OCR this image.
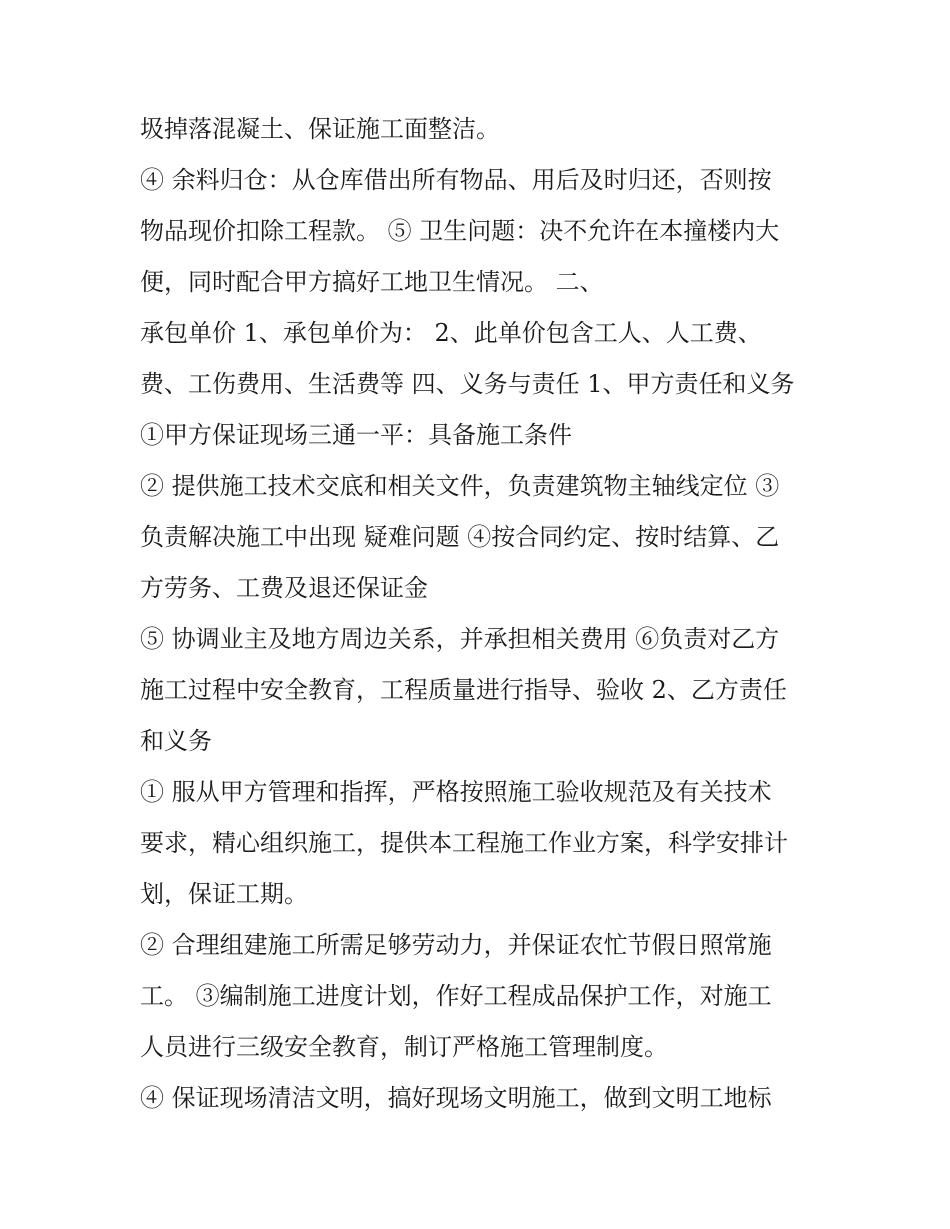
圾掉落混凝土、保证施工面整洁。
④ 余料归仓：从仓库借出所有物品、用后及时归还，否则按
物品现价扣除工程款。 ⑤ 卫生问题：决不允许在本撞楼内大
便，同时配合甲方搞好工地卫生情况。 二、
承包单价 1、承包单价为： 2、此单价包含工人、人工费、
费、工伤费用、生活费等 四、义务与责任 1、甲方责任和义务
①甲方保证现场三通一平：具备施工条件
② 提供施工技术交底和相关文件，负责建筑物主轴线定位 ③
负责解决施工中出现 疑难问题 ④按合同约定、按时结算、乙
方劳务、工费及退还保证金
⑤ 协调业主及地方周边关系，并承担相关费用 ⑥负责对乙方
施工过程中安全教育，工程质量进行指导、验收 2、乙方责任
和义务
① 服从甲方管理和指挥，严格按照施工验收规范及有关技术
要求，精心组织施工，提供本工程施工作业方案，科学安排计
划，保证工期。
② 合理组建施工所需足够劳动力，并保证农忙节假日照常施
工。 ③编制施工进度计划，作好工程成品保护工作，对施工
人员进行三级安全教育，制订严格施工管理制度。
④ 保证现场清洁文明，搞好现场文明施工，做到文明工地标
